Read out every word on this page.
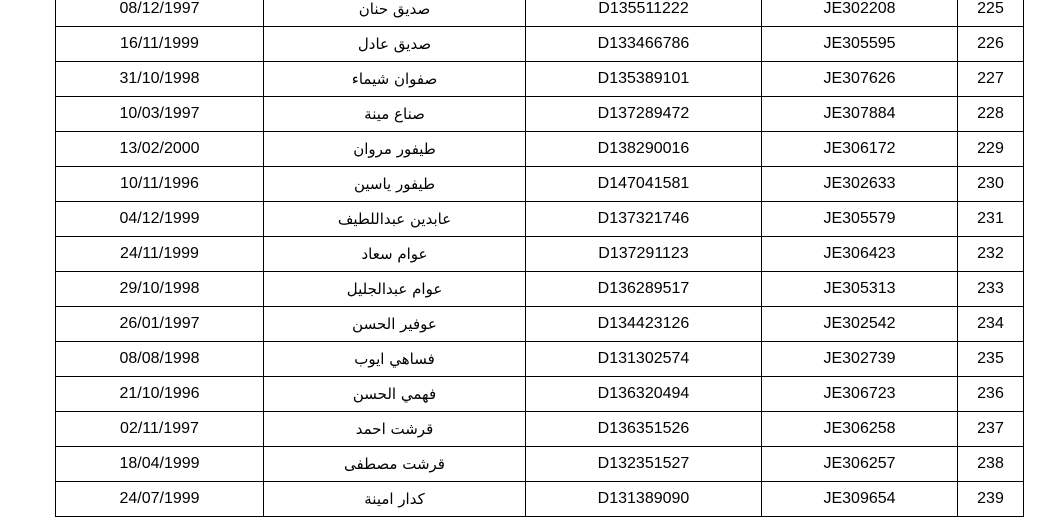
08/12/1997	صديق حنان	D135511222	JE302208	225
16/11/1999	صديق عادل	D133466786	JE305595	226
31/10/1998	صفوان شيماء	D135389101	JE307626	227
10/03/1997	صناع مينة	D137289472	JE307884	228
13/02/2000	طيفور مروان	D138290016	JE306172	229
10/11/1996	طيفور ياسين	D147041581	JE302633	230
04/12/1999	عابدين عبداللطيف	D137321746	JE305579	231
24/11/1999	عوام سعاد	D137291123	JE306423	232
29/10/1998	عوام عبدالجليل	D136289517	JE305313	233
26/01/1997	عوفير الحسن	D134423126	JE302542	234
08/08/1998	فساهي ايوب	D131302574	JE302739	235
21/10/1996	فهمي الحسن	D136320494	JE306723	236
02/11/1997	قرشت احمد	D136351526	JE306258	237
18/04/1999	قرشت مصطفى	D132351527	JE306257	238
24/07/1999	كدار امينة	D131389090	JE309654	239
